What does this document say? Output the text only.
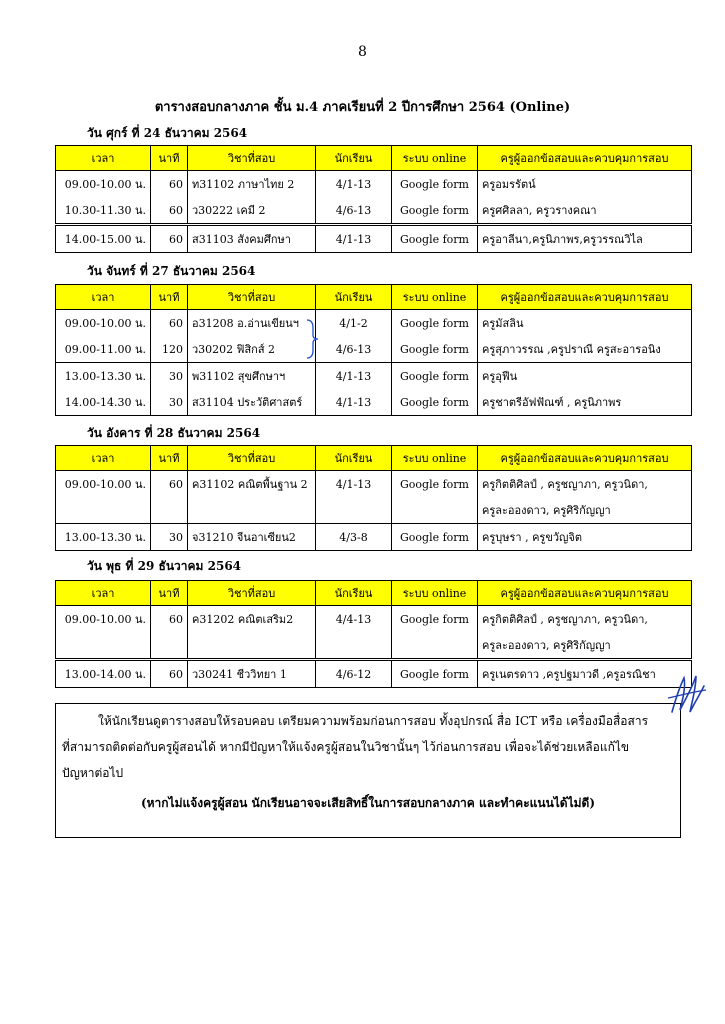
8
ตารางสอบกลางภาค ชั้น ม.4 ภาคเรียนที่ 2 ปีการศึกษา 2564 (Online)
วัน ศุกร์ ที่ 24 ธันวาคม 2564
เวลา	นาที	วิชาที่สอบ	นักเรียน	ระบบ online	ครูผู้ออกข้อสอบและควบคุมการสอบ
09.00-10.00 น.	60	ท31102 ภาษาไทย 2	4/1-13	Google form	ครูอมรรัตน์
10.30-11.30 น.	60	ว30222 เคมี 2	4/6-13	Google form	ครูศศิลลา, ครูวรางคณา
14.00-15.00 น.	60	ส31103 สังคมศึกษา	4/1-13	Google form	ครูอาลีนา,ครูนิภาพร,ครูวรรณวิไล
วัน จันทร์ ที่ 27 ธันวาคม 2564
เวลา	นาที	วิชาที่สอบ	นักเรียน	ระบบ online	ครูผู้ออกข้อสอบและควบคุมการสอบ
09.00-10.00 น.	60	อ31208 อ.อ่านเขียนฯ	4/1-2	Google form	ครูมัสลิน
09.00-11.00 น.	120	ว30202 ฟิสิกส์ 2	4/6-13	Google form	ครูสุภาวรรณ ,ครูปราณี ครูสะอารอนิง
13.00-13.30 น.	30	พ31102 สุขศึกษาฯ	4/1-13	Google form	ครูอุฟีน
14.00-14.30 น.	30	ส31104 ประวัติศาสตร์	4/1-13	Google form	ครูชาตรีอัฟฟัณฑ์ , ครูนิภาพร
วัน อังคาร ที่ 28 ธันวาคม 2564
เวลา	นาที	วิชาที่สอบ	นักเรียน	ระบบ online	ครูผู้ออกข้อสอบและควบคุมการสอบ
09.00-10.00 น.	60	ค31102 คณิตพื้นฐาน 2	4/1-13	Google form	ครูกิตติศิลป์ , ครูชญาภา, ครูวนิดา,
					ครูละอองดาว, ครูศิริกัญญา
13.00-13.30 น.	30	จ31210 จีนอาเซียน2	4/3-8	Google form	ครูบุษรา , ครูขวัญจิต
วัน พุธ ที่ 29 ธันวาคม 2564
เวลา	นาที	วิชาที่สอบ	นักเรียน	ระบบ online	ครูผู้ออกข้อสอบและควบคุมการสอบ
09.00-10.00 น.	60	ค31202 คณิตเสริม2	4/4-13	Google form	ครูกิตติศิลป์ , ครูชญาภา, ครูวนิดา,
					ครูละอองดาว, ครูศิริกัญญา
13.00-14.00 น.	60	ว30241 ชีววิทยา 1	4/6-12	Google form	ครูเนตรดาว ,ครูปฐมาวดี ,ครูอรณิชา

ให้นักเรียนดูตารางสอบให้รอบคอบ เตรียมความพร้อมก่อนการสอบ ทั้งอุปกรณ์ สื่อ ICT หรือ เครื่องมือสื่อสาร

ที่สามารถติดต่อกับครูผู้สอนได้ หากมีปัญหาให้แจ้งครูผู้สอนในวิชานั้นๆ ไว้ก่อนการสอบ เพื่อจะได้ช่วยเหลือแก้ไข

ปัญหาต่อไป

(หากไม่แจ้งครูผู้สอน นักเรียนอาจจะเสียสิทธิ์ในการสอบกลางภาค และทำคะแนนได้ไม่ดี)
